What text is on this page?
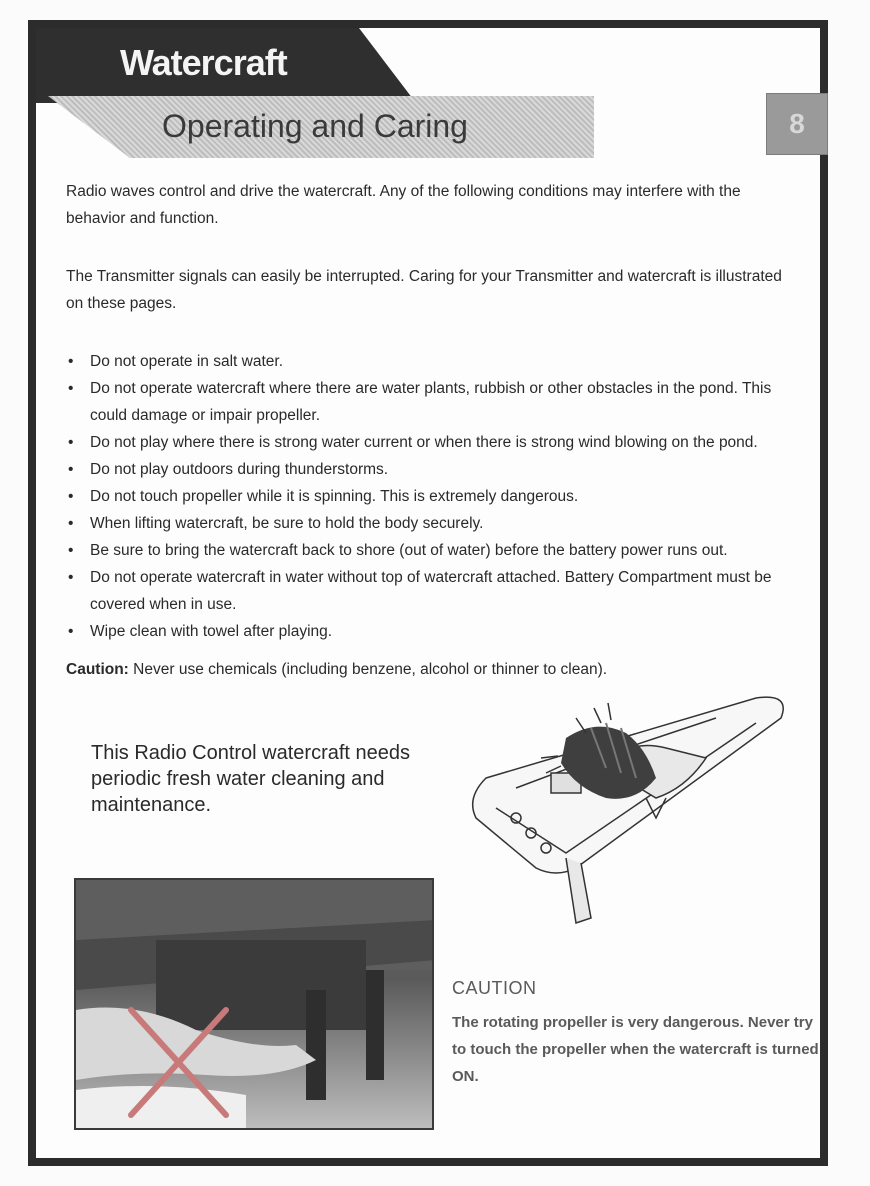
Watercraft
Operating and Caring	8
Radio waves control and drive the watercraft. Any of the following conditions may interfere with the behavior and function.
The Transmitter signals can easily be interrupted. Caring for your Transmitter and watercraft is illustrated on these pages.
• Do not operate in salt water.
• Do not operate watercraft where there are water plants, rubbish or other obstacles in the pond. This could damage or impair propeller.
• Do not play where there is strong water current or when there is strong wind blowing on the pond.
• Do not play outdoors during thunderstorms.
• Do not touch propeller while it is spinning. This is extremely dangerous.
• When lifting watercraft, be sure to hold the body securely.
• Be sure to bring the watercraft back to shore (out of water) before the battery power runs out.
• Do not operate watercraft in water without top of watercraft attached. Battery Compartment must be covered when in use.
• Wipe clean with towel after playing.
Caution: Never use chemicals (including benzene, alcohol or thinner to clean).
This Radio Control watercraft needs periodic fresh water cleaning and maintenance.
CAUTION
The rotating propeller is very dangerous. Never try to touch the propeller when the watercraft is turned ON.
